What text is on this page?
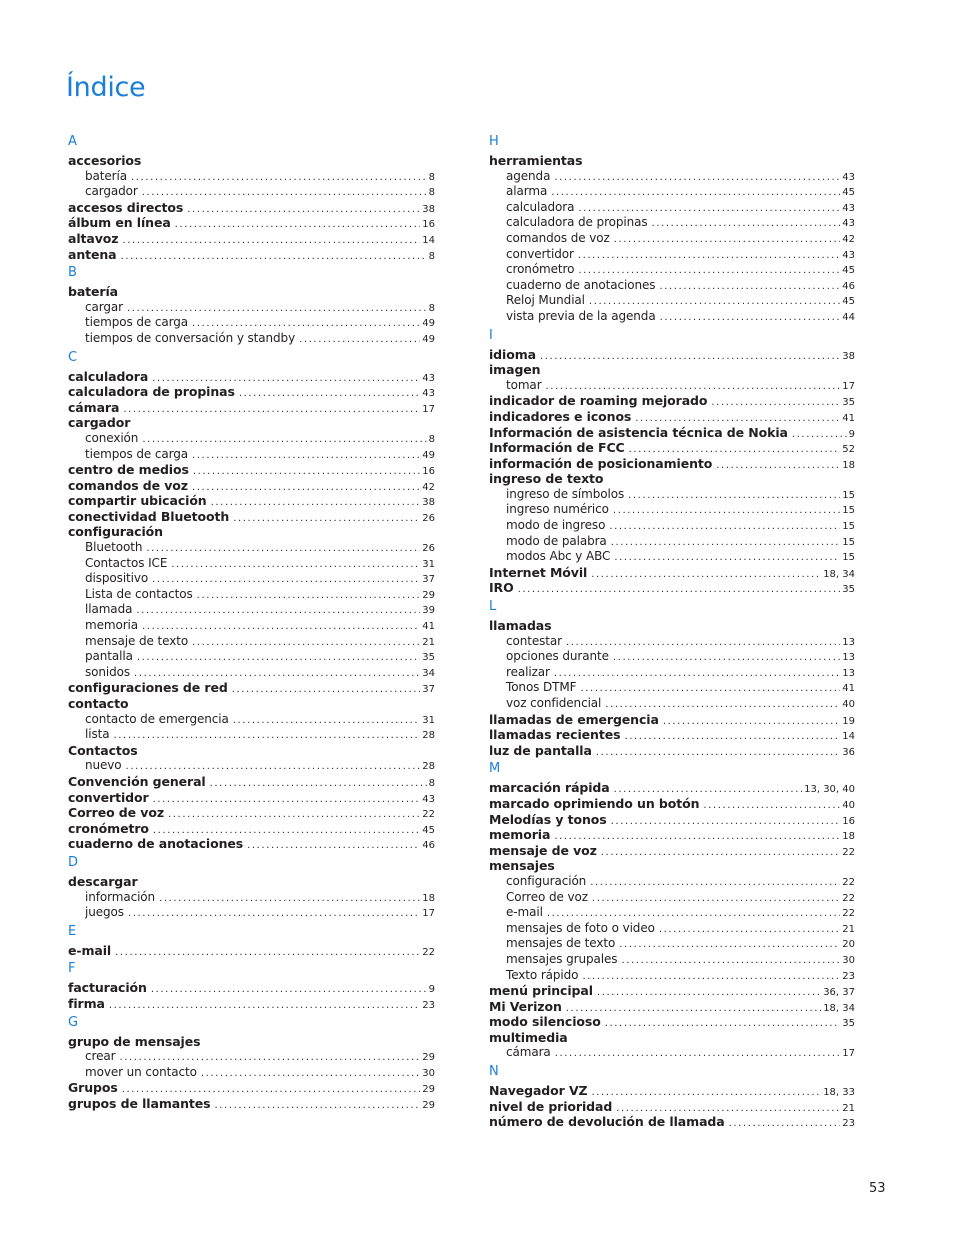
Índice
A
accesorios
batería .....	8
cargador .....	8
accesos directos .....	38
álbum en línea .....	16
altavoz .....	14
antena .....	8
B
batería
cargar .....	8
tiempos de carga .....	49
tiempos de conversación y standby .....	49
C
calculadora .....	43
calculadora de propinas .....	43
cámara .....	17
cargador
conexión .....	8
tiempos de carga .....	49
centro de medios .....	16
comandos de voz .....	42
compartir ubicación .....	38
conectividad Bluetooth .....	26
configuración
Bluetooth .....	26
Contactos ICE .....	31
dispositivo .....	37
Lista de contactos .....	29
llamada .....	39
memoria .....	41
mensaje de texto .....	21
pantalla .....	35
sonidos .....	34
configuraciones de red .....	37
contacto
contacto de emergencia .....	31
lista .....	28
Contactos
nuevo .....	28
Convención general .....	8
convertidor .....	43
Correo de voz .....	22
cronómetro .....	45
cuaderno de anotaciones .....	46
D
descargar
información .....	18
juegos .....	17
E
e-mail .....	22
F
facturación .....	9
firma .....	23
G
grupo de mensajes
crear .....	29
mover un contacto .....	30
Grupos .....	29
grupos de llamantes .....	29
H
herramientas
agenda .....	43
alarma .....	45
calculadora .....	43
calculadora de propinas .....	43
comandos de voz .....	42
convertidor .....	43
cronómetro .....	45
cuaderno de anotaciones .....	46
Reloj Mundial .....	45
vista previa de la agenda .....	44
I
idioma .....	38
imagen
tomar .....	17
indicador de roaming mejorado .....	35
indicadores e iconos .....	41
Información de asistencia técnica de Nokia .....	9
Información de FCC .....	52
información de posicionamiento .....	18
ingreso de texto
ingreso de símbolos .....	15
ingreso numérico .....	15
modo de ingreso .....	15
modo de palabra .....	15
modos Abc y ABC .....	15
Internet Móvil .....	18, 34
IRO .....	35
L
llamadas
contestar .....	13
opciones durante .....	13
realizar .....	13
Tonos DTMF .....	41
voz confidencial .....	40
llamadas de emergencia .....	19
llamadas recientes .....	14
luz de pantalla .....	36
M
marcación rápida .....	13, 30, 40
marcado oprimiendo un botón .....	40
Melodías y tonos .....	16
memoria .....	18
mensaje de voz .....	22
mensajes
configuración .....	22
Correo de voz .....	22
e-mail .....	22
mensajes de foto o video .....	21
mensajes de texto .....	20
mensajes grupales .....	30
Texto rápido .....	23
menú principal .....	36, 37
Mi Verizon .....	18, 34
modo silencioso .....	35
multimedia
cámara .....	17
N
Navegador VZ .....	18, 33
nivel de prioridad .....	21
número de devolución de llamada .....	23
53
